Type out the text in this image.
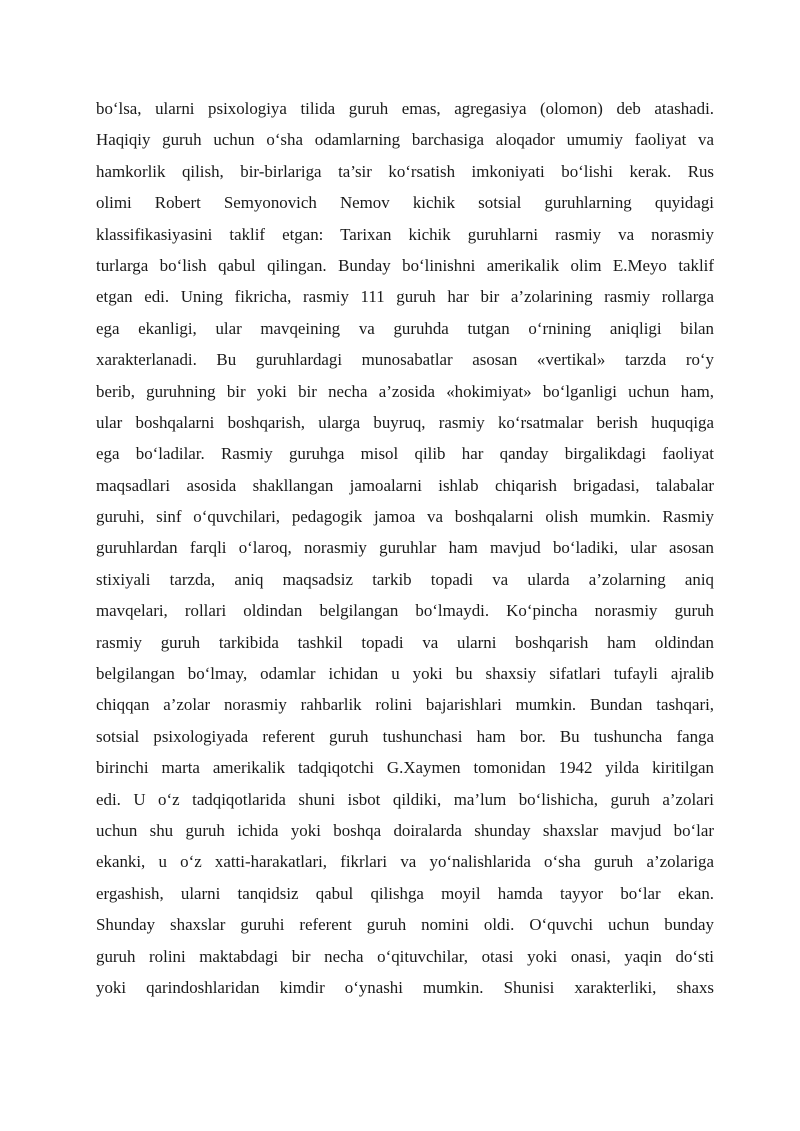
bo‘lsa, ularni psixologiya tilida guruh emas, agregasiya (olomon) deb atashadi.
Haqiqiy guruh uchun o‘sha odamlarning barchasiga aloqador umumiy faoliyat va
hamkorlik qilish, bir-birlariga ta’sir ko‘rsatish imkoniyati bo‘lishi kerak. Rus
olimi Robert Semyonovich Nemov kichik sotsial guruhlarning quyidagi
klassifikasiyasini taklif etgan: Tarixan kichik guruhlarni rasmiy va norasmiy
turlarga bo‘lish qabul qilingan. Bunday bo‘linishni amerikalik olim E.Meyo taklif
etgan edi. Uning fikricha, rasmiy 111 guruh har bir a’zolarining rasmiy rollarga
ega ekanligi, ular mavqeining va guruhda tutgan o‘rnining aniqligi bilan
xarakterlanadi. Bu guruhlardagi munosabatlar asosan «vertikal» tarzda ro‘y
berib, guruhning bir yoki bir necha a’zosida «hokimiyat» bo‘lganligi uchun ham,
ular boshqalarni boshqarish, ularga buyruq, rasmiy ko‘rsatmalar berish huquqiga
ega bo‘ladilar. Rasmiy guruhga misol qilib har qanday birgalikdagi faoliyat
maqsadlari asosida shakllangan jamoalarni ishlab chiqarish brigadasi, talabalar
guruhi, sinf o‘quvchilari, pedagogik jamoa va boshqalarni olish mumkin. Rasmiy
guruhlardan farqli o‘laroq, norasmiy guruhlar ham mavjud bo‘ladiki, ular asosan
stixiyali tarzda, aniq maqsadsiz tarkib topadi va ularda a’zolarning aniq
mavqelari, rollari oldindan belgilangan bo‘lmaydi. Ko‘pincha norasmiy guruh
rasmiy guruh tarkibida tashkil topadi va ularni boshqarish ham oldindan
belgilangan bo‘lmay, odamlar ichidan u yoki bu shaxsiy sifatlari tufayli ajralib
chiqqan a’zolar norasmiy rahbarlik rolini bajarishlari mumkin. Bundan tashqari,
sotsial psixologiyada referent guruh tushunchasi ham bor. Bu tushuncha fanga
birinchi marta amerikalik tadqiqotchi G.Xaymen tomonidan 1942 yilda kiritilgan
edi. U o‘z tadqiqotlarida shuni isbot qildiki, ma’lum bo‘lishicha, guruh a’zolari
uchun shu guruh ichida yoki boshqa doiralarda shunday shaxslar mavjud bo‘lar
ekanki, u o‘z xatti-harakatlari, fikrlari va yo‘nalishlarida o‘sha guruh a’zolariga
ergashish, ularni tanqidsiz qabul qilishga moyil hamda tayyor bo‘lar ekan.
Shunday shaxslar guruhi referent guruh nomini oldi. O‘quvchi uchun bunday
guruh rolini maktabdagi bir necha o‘qituvchilar, otasi yoki onasi, yaqin do‘sti
yoki qarindoshlaridan kimdir o‘ynashi mumkin. Shunisi xarakterliki, shaxs
